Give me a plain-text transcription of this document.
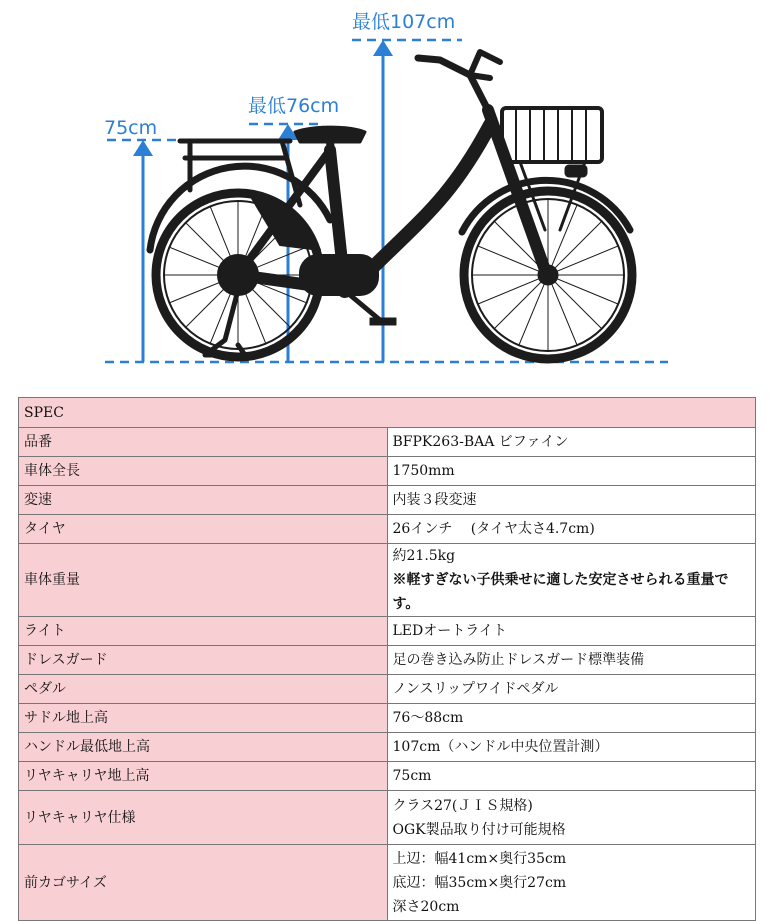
75cm
最低76cm
最低107cm
SPEC	
品番	BFPK263-BAA ビファイン
車体全長	1750mm
変速	内装３段変速
タイヤ	26インチ　 (タイヤ太さ4.7cm)
車体重量	約21.5kg
※軽すぎない子供乗せに適した安定させられる重量です。

ライト	LEDオートライト
ドレスガード	足の巻き込み防止ドレスガード標準装備
ペダル	ノンスリップワイドペダル
サドル地上高	76〜88cm
ハンドル最低地上高	107cm（ハンドル中央位置計測）
リヤキャリヤ地上高	75cm
リヤキャリヤ仕様	クラス27(ＪＩＳ規格)
OGK製品取り付け可能規格

前カゴサイズ	上辺：幅41cm×奥行35cm
底辺：幅35cm×奥行27cm
深さ20cm
